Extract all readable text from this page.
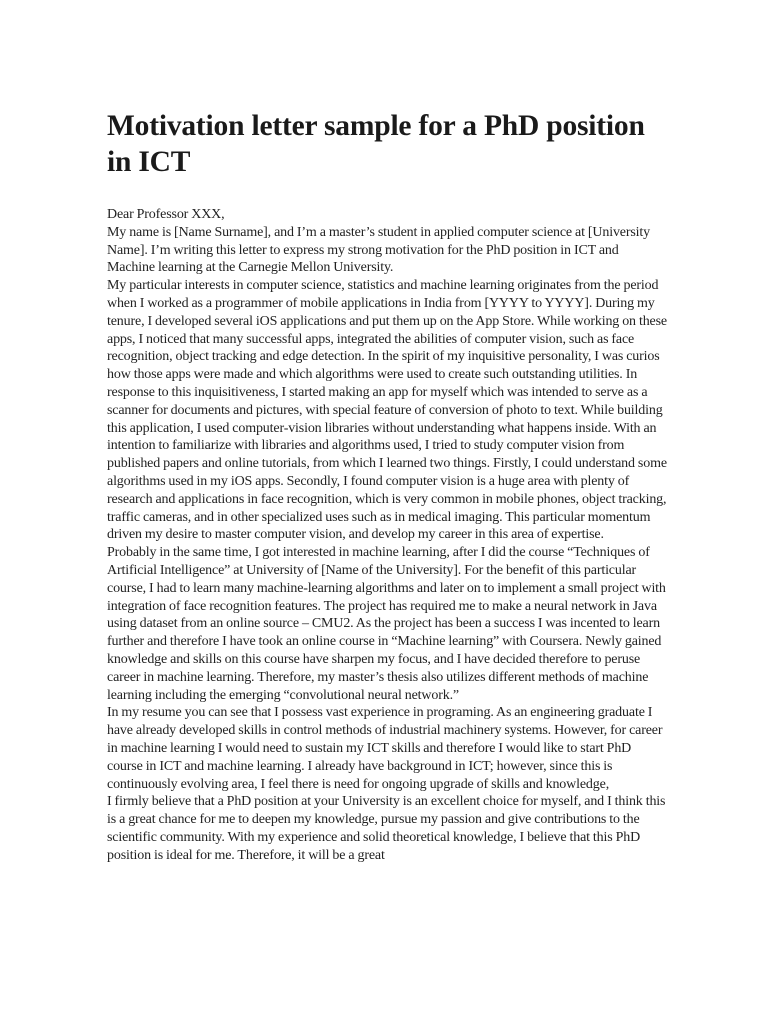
Motivation letter sample for a PhD position in ICT

Dear Professor XXX,

My name is [Name Surname], and I’m a master’s student in applied computer science at [University Name]. I’m writing this letter to express my strong motivation for the PhD position in ICT and Machine learning at the Carnegie Mellon University.

My particular interests in computer science, statistics and machine learning originates from the period when I worked as a programmer of mobile applications in India from [YYYY to YYYY]. During my tenure, I developed several iOS applications and put them up on the App Store. While working on these apps, I noticed that many successful apps, integrated the abilities of computer vision, such as face recognition, object tracking and edge detection. In the spirit of my inquisitive personality, I was curios how those apps were made and which algorithms were used to create such outstanding utilities. In response to this inquisitiveness, I started making an app for myself which was intended to serve as a scanner for documents and pictures, with special feature of conversion of photo to text. While building this application, I used computer-vision libraries without understanding what happens inside. With an intention to familiarize with libraries and algorithms used, I tried to study computer vision from published papers and online tutorials, from which I learned two things. Firstly, I could understand some algorithms used in my iOS apps. Secondly, I found computer vision is a huge area with plenty of research and applications in face recognition, which is very common in mobile phones, object tracking, traffic cameras, and in other specialized uses such as in medical imaging. This particular momentum driven my desire to master computer vision, and develop my career in this area of expertise.

Probably in the same time, I got interested in machine learning, after I did the course “Techniques of Artificial Intelligence” at University of [Name of the University]. For the benefit of this particular course, I had to learn many machine-learning algorithms and later on to implement a small project with integration of face recognition features. The project has required me to make a neural network in Java using dataset from an online source – CMU2. As the project has been a success I was incented to learn further and therefore I have took an online course in “Machine learning” with Coursera. Newly gained knowledge and skills on this course have sharpen my focus, and I have decided therefore to peruse career in machine learning. Therefore, my master’s thesis also utilizes different methods of machine learning including the emerging “convolutional neural network.”

In my resume you can see that I possess vast experience in programing. As an engineering graduate I have already developed skills in control methods of industrial machinery systems. However, for career in machine learning I would need to sustain my ICT skills and therefore I would like to start PhD course in ICT and machine learning. I already have background in ICT; however, since this is continuously evolving area, I feel there is need for ongoing upgrade of skills and knowledge,

I firmly believe that a PhD position at your University is an excellent choice for myself, and I think this is a great chance for me to deepen my knowledge, pursue my passion and give contributions to the scientific community. With my experience and solid theoretical knowledge, I believe that this PhD position is ideal for me. Therefore, it will be a great
